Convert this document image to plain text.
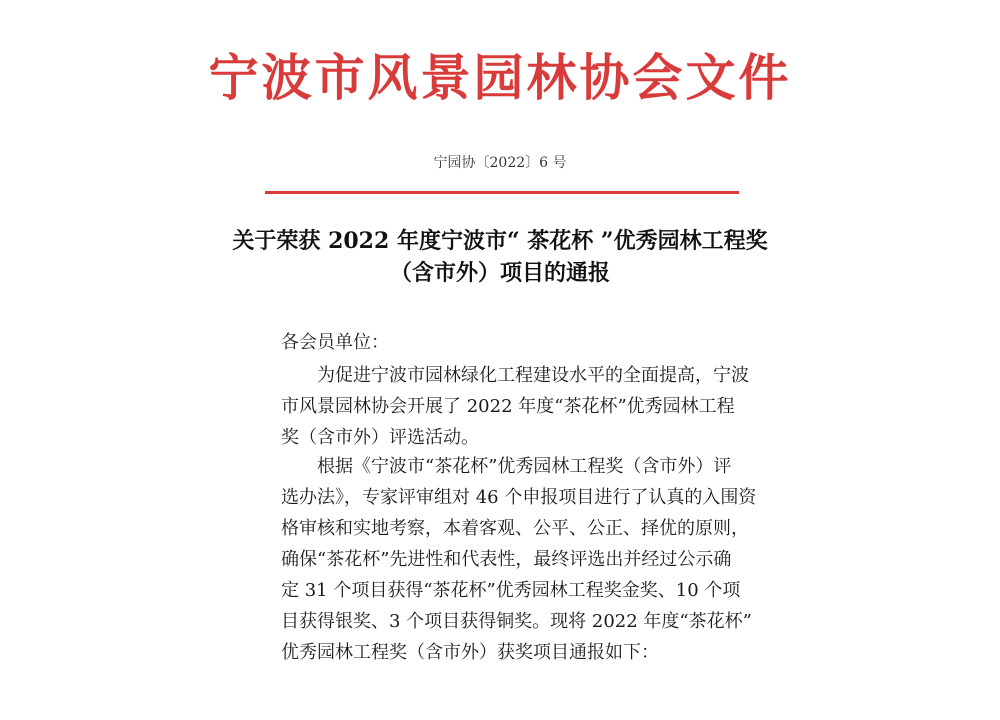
宁波市风景园林协会文件
宁园协〔2022〕6 号
关于荣获 2022 年度宁波市“ 茶花杯 ”优秀园林工程奖
（含市外）项目的通报
各会员单位：
为促进宁波市园林绿化工程建设水平的全面提高，宁波
市风景园林协会开展了 2022 年度“茶花杯”优秀园林工程
奖（含市外）评选活动。
根据《宁波市“茶花杯”优秀园林工程奖（含市外）评
选办法》，专家评审组对 46 个申报项目进行了认真的入围资
格审核和实地考察，本着客观、公平、公正、择优的原则，
确保“茶花杯”先进性和代表性，最终评选出并经过公示确
定 31 个项目获得“茶花杯”优秀园林工程奖金奖、10 个项
目获得银奖、3 个项目获得铜奖。现将 2022 年度“茶花杯”
优秀园林工程奖（含市外）获奖项目通报如下：
